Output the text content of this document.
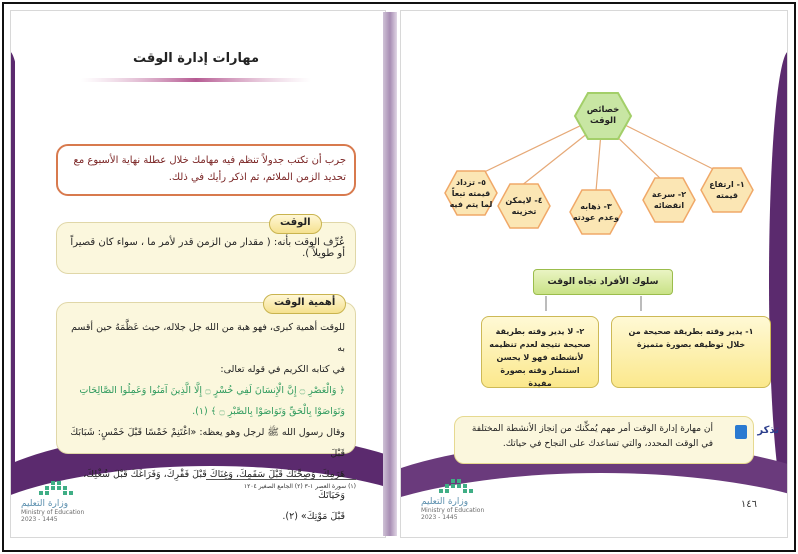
مهارات إدارة الوقت
جرب أن تكتب جدولاً تنظم فيه مهامك خلال عطلة نهاية الأسبوع مع تحديد الزمن الملائم، ثم اذكر رأيك في ذلك.
عُرِّف الوقت بأنه: ( مقدار من الزمن قدر لأمر ما ، سواء كان قصيراً أو طويلاً ).
الوقت
للوقت أهمية كبرى، فهو هبة من الله جل جلاله، حيث عَظَّمَهُ حين أقسم به
في كتابه الكريم في قوله تعالى:
﴿ وَالْعَصْرِ ۝ إِنَّ الْإِنسَانَ لَفِي خُسْرٍ ۝ إِلَّا الَّذِينَ آمَنُوا وَعَمِلُوا الصَّالِحَاتِ
وَتَوَاصَوْا بِالْحَقِّ وَتَوَاصَوْا بِالصَّبْرِ ۝ ﴾ (١).
وقال رسول الله ﷺ لرجل وهو يعظه: «اغْتَنِمْ خَمْسًا قَبْلَ خَمْسٍ: شَبَابَكَ قَبْلَ
هَرَمِكَ، وَصِحَّتَكَ قَبْلَ سَقَمِكَ، وَغِنَاكَ قَبْلَ فَقْرِكَ، وَفَرَاغَكَ قَبْلَ شُغْلِكَ، وَحَيَاتَكَ
قَبْلَ مَوْتِكَ» (٢).
أهمية الوقت
(١) سورة العصر ١-٣ (٢) الجامع الصغير ١٢٠٤
وزارة التعليم
Ministry of Education
2023 - 1445
خصائص الوقت
١- ارتفاع قيمته
٢- سرعة انقضائه
٣- ذهابه وعدم عودته
٤- لايمكن تخزينه
٥- تزداد قيمته تبعاً لما يتم فيه
سلوك الأفراد تجاه الوقت
١- يدير وقته بطريقة صحيحة من خلال توظيفه بصورة متميزة
٢- لا يدير وقته بطريقة صحيحة نتيجة لعدم تنظيمه لأنشطته فهو لا يحسن استثمار وقته بصورة مفيدة
أن مهارة إدارة الوقت أمر مهم يُمكِّنك من إنجاز الأنشطة المختلفة في الوقت المحدد، والتي تساعدك على النجاح في حياتك.
تذكر
١٤٦
وزارة التعليم
Ministry of Education
2023 - 1445
